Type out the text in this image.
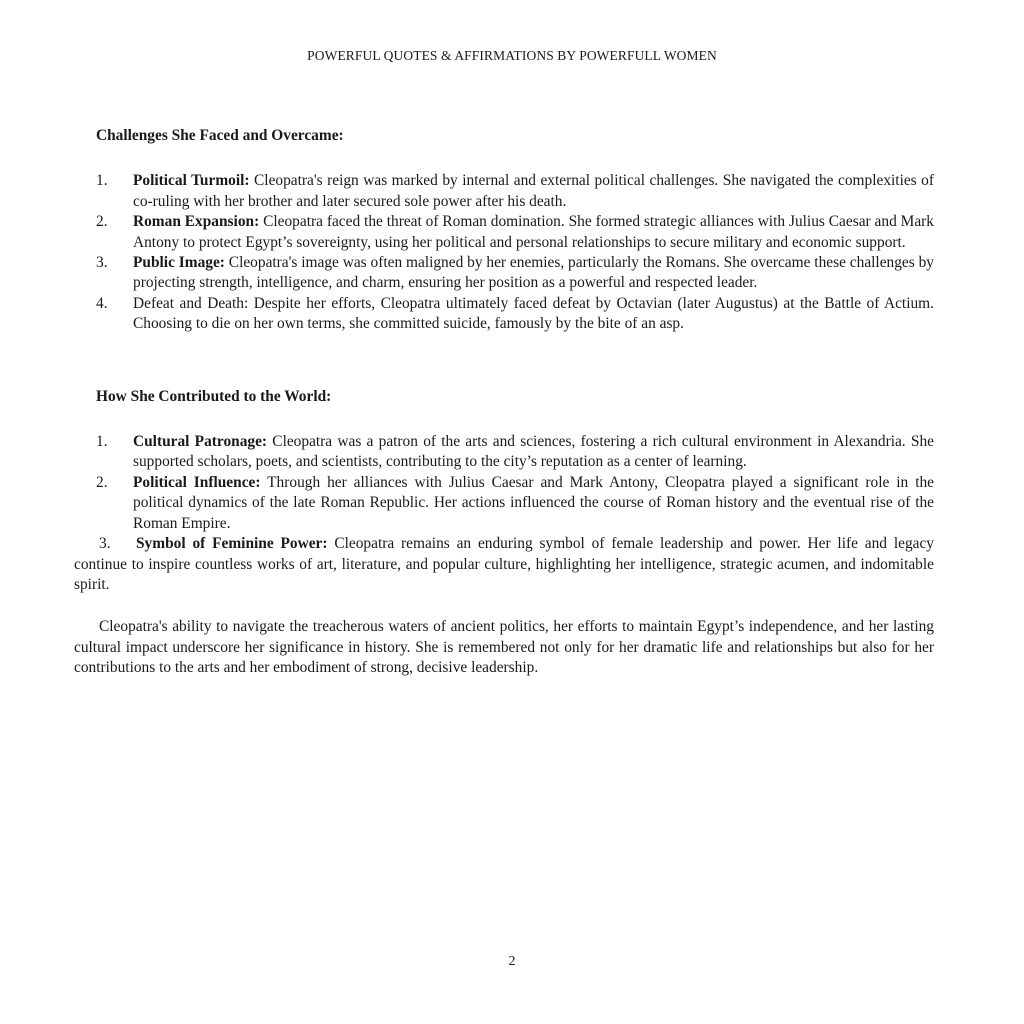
POWERFUL QUOTES & AFFIRMATIONS BY POWERFULL WOMEN
Challenges She Faced and Overcame:
1. Political Turmoil: Cleopatra's reign was marked by internal and external political challenges. She navigated the complexities of co-ruling with her brother and later secured sole power after his death.
2. Roman Expansion: Cleopatra faced the threat of Roman domination. She formed strategic alliances with Julius Caesar and Mark Antony to protect Egypt’s sovereignty, using her political and personal relationships to secure military and economic support.
3. Public Image: Cleopatra's image was often maligned by her enemies, particularly the Romans. She overcame these challenges by projecting strength, intelligence, and charm, ensuring her position as a powerful and respected leader.
4. Defeat and Death: Despite her efforts, Cleopatra ultimately faced defeat by Octavian (later Augustus) at the Battle of Actium. Choosing to die on her own terms, she committed suicide, famously by the bite of an asp.
How She Contributed to the World:
1. Cultural Patronage: Cleopatra was a patron of the arts and sciences, fostering a rich cultural environment in Alexandria. She supported scholars, poets, and scientists, contributing to the city’s reputation as a center of learning.
2. Political Influence: Through her alliances with Julius Caesar and Mark Antony, Cleopatra played a significant role in the political dynamics of the late Roman Republic. Her actions influenced the course of Roman history and the eventual rise of the Roman Empire.
3. Symbol of Feminine Power: Cleopatra remains an enduring symbol of female leadership and power. Her life and legacy continue to inspire countless works of art, literature, and popular culture, highlighting her intelligence, strategic acumen, and indomitable spirit.

Cleopatra's ability to navigate the treacherous waters of ancient politics, her efforts to maintain Egypt’s independence, and her lasting cultural impact underscore her significance in history. She is remembered not only for her dramatic life and relationships but also for her contributions to the arts and her embodiment of strong, decisive leadership.

2
